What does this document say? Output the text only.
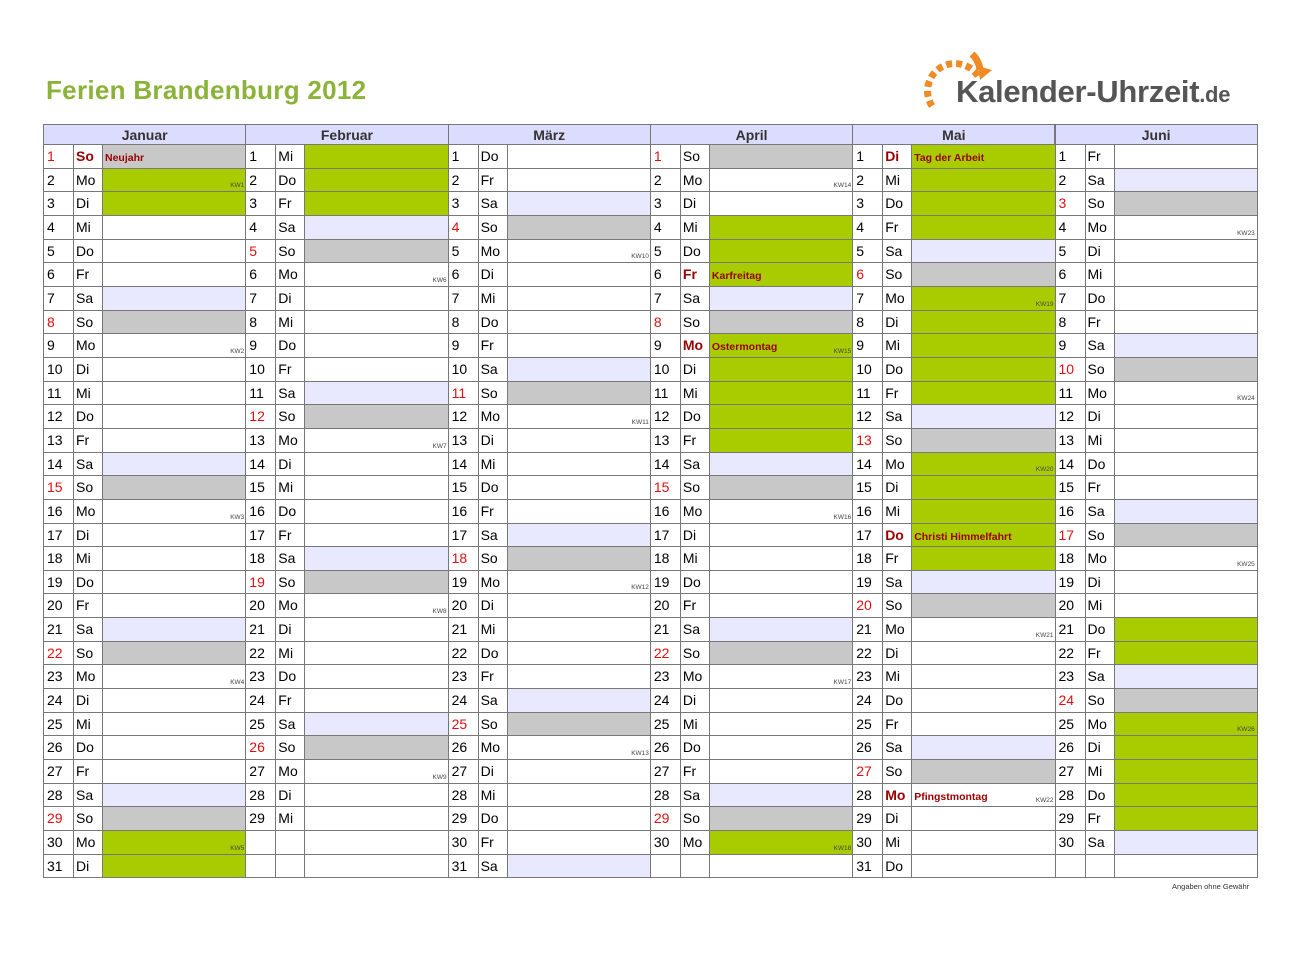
Ferien Brandenburg 2012	Kalender-Uhrzeit.de
Januar
1	So	Neujahr
2	Mo	KW1
3	Di
4	Mi
5	Do
6	Fr
7	Sa
8	So
9	Mo	KW2
10 Di
11	Mi
12 Do
13 Fr
14 Sa
15 So
16 Mo	KW3
17 Di
18 Mi
19 Do
20 Fr
21 Sa
22 So
23 Mo	KW4
24 Di
25 Mi
26 Do
27 Fr
28 Sa
29 So
30 Mo	KW5
31 Di
Februar
1	Mi
2	Do
3	Fr
4	Sa
5	So
6	Mo	KW6
7	Di
8	Mi
9	Do
10 Fr
11	Sa
12 So
13 Mo	KW7
14 Di
15 Mi
16 Do
17 Fr
18 Sa
19 So
20 Mo	KW8
21 Di
22 Mi
23 Do
24 Fr
25 Sa
26 So
27 Mo	KW9
28 Di
29 Mi
März
1	Do
2	Fr
3	Sa
4	So
5	Mo	KW10
6	Di
7	Mi
8	Do
9	Fr
10 Sa
11	So
12 Mo	KW11
13 Di
14 Mi
15 Do
16 Fr
17 Sa
18 So
19 Mo	KW12
20 Di
21 Mi
22 Do
23 Fr
24 Sa
25 So
26 Mo	KW13
27 Di
28 Mi
29 Do
30 Fr
31 Sa
April
1	So
2	Mo	KW14
3	Di
4	Mi
5	Do
6	Fr	Karfreitag
7	Sa
8	So
9	Mo Ostermontag	KW15
10 Di
11	Mi
12 Do
13 Fr
14 Sa
15 So
16 Mo	KW16
17 Di
18 Mi
19 Do
20 Fr
21 Sa
22 So
23 Mo	KW17
24 Di
25 Mi
26 Do
27 Fr
28 Sa
29 So
30 Mo	KW18
Mai
1	Di	Tag der Arbeit
2	Mi
3	Do
4	Fr
5	Sa
6	So
7	Mo	KW19
8	Di
9	Mi
10 Do
11	Fr
12 Sa
13 So
14 Mo	KW20
15 Di
16 Mi
17 Do Christi Himmelfahrt
18 Fr
19 Sa
20 So
21 Mo	KW21
22 Di
23 Mi
24 Do
25 Fr
26 Sa
27 So
28 Mo Pfingstmontag	KW22
29 Di
30 Mi
31 Do
Juni
1	Fr
2	Sa
3	So
4	Mo	KW23
5	Di
6	Mi
7	Do
8	Fr
9	Sa
10 So
11	Mo	KW24
12 Di
13 Mi
14 Do
15 Fr
16 Sa
17 So
18 Mo	KW25
19 Di
20 Mi
21 Do
22 Fr
23 Sa
24 So
25 Mo	KW26
26 Di
27 Mi
28 Do
29 Fr
30 Sa
Angaben ohne Gewähr
